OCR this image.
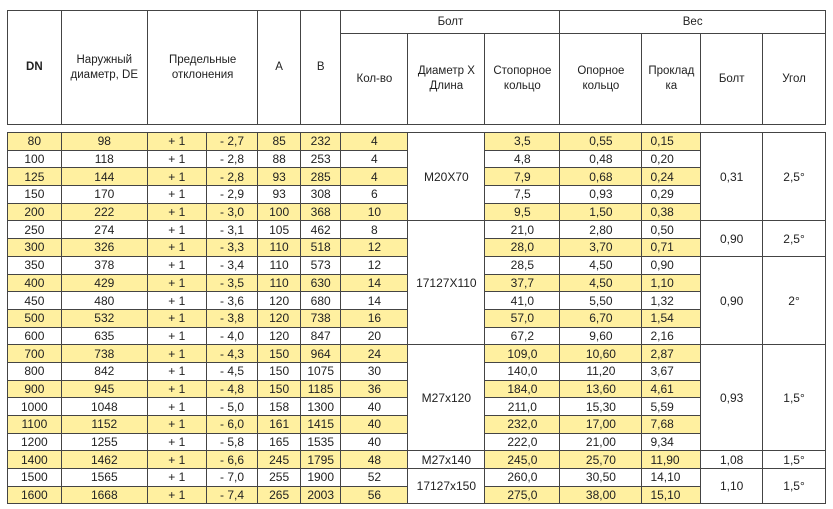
DN	Наружный диаметр, DE	Предельные отклонения		A	B	Болт			Вес			
						Кол-во	Диаметр X Длина	Стопорное кольцо	Опорное кольцо	Проклад ка	Болт	Угол

80	98	+ 1	- 2,7	85	232	4	M20X70	3,5	0,55	0,15	0,31	2,5°
100	118	+ 1	- 2,8	88	253	4		4,8	0,48	0,20		
125	144	+ 1	- 2,8	93	285	4		7,9	0,68	0,24		
150	170	+ 1	- 2,9	93	308	6		7,5	0,93	0,29		
200	222	+ 1	- 3,0	100	368	10		9,5	1,50	0,38		
250	274	+ 1	- 3,1	105	462	8	17127X110	21,0	2,80	0,50	0,90	2,5°
300	326	+ 1	- 3,3	110	518	12		28,0	3,70	0,71		
350	378	+ 1	- 3,4	110	573	12		28,5	4,50	0,90	0,90	2°
400	429	+ 1	- 3,5	110	630	14		37,7	4,50	1,10		
450	480	+ 1	- 3,6	120	680	14		41,0	5,50	1,32		
500	532	+ 1	- 3,8	120	738	16		57,0	6,70	1,54		
600	635	+ 1	- 4,0	120	847	20		67,2	9,60	2,16		
700	738	+ 1	- 4,3	150	964	24	M27x120	109,0	10,60	2,87	0,93	1,5°
800	842	+ 1	- 4,5	150	1075	30		140,0	11,20	3,67		
900	945	+ 1	- 4,8	150	1185	36		184,0	13,60	4,61		
1000	1048	+ 1	- 5,0	158	1300	40		211,0	15,30	5,59		
1100	1152	+ 1	- 6,0	161	1415	40		232,0	17,00	7,68		
1200	1255	+ 1	- 5,8	165	1535	40		222,0	21,00	9,34		
1400	1462	+ 1	- 6,6	245	1795	48	M27x140	245,0	25,70	11,90	1,08	1,5°
1500	1565	+ 1	- 7,0	255	1900	52	17127x150	260,0	30,50	14,10	1,10	1,5°
1600	1668	+ 1	- 7,4	265	2003	56		275,0	38,00	15,10		
